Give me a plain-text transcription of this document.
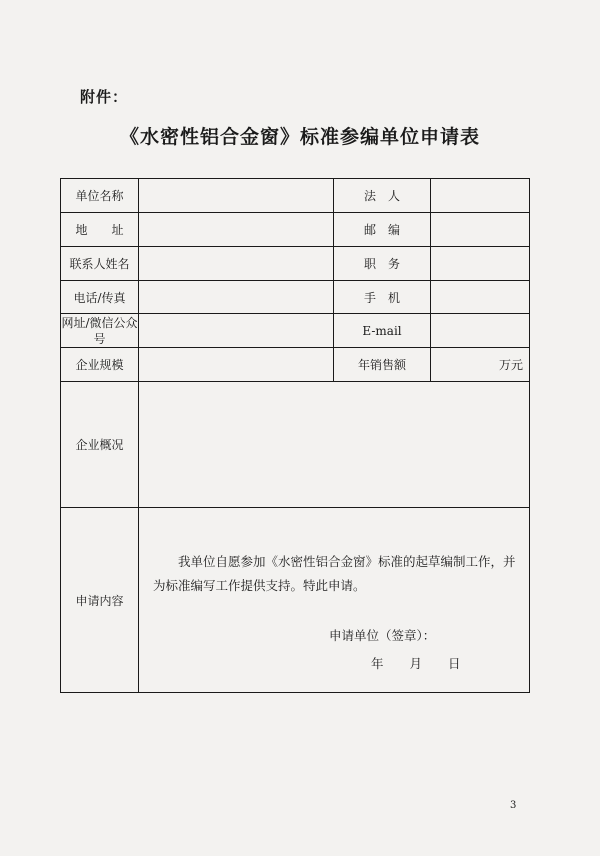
附件：
《水密性铝合金窗》标准参编单位申请表
单位名称		法　人	
地　　址		邮　编	
联系人姓名		职　务	
电话/传真		手　机	
网址/微信公众号		E-mail	
企业规模		年销售额	万元
企业概况			
申请内容	我单位自愿参加《水密性铝合金窗》标准的起草编制工作，并为标准编写工作提供支持。特此申请。
申请单位（签章）：
年 月 日		
3
